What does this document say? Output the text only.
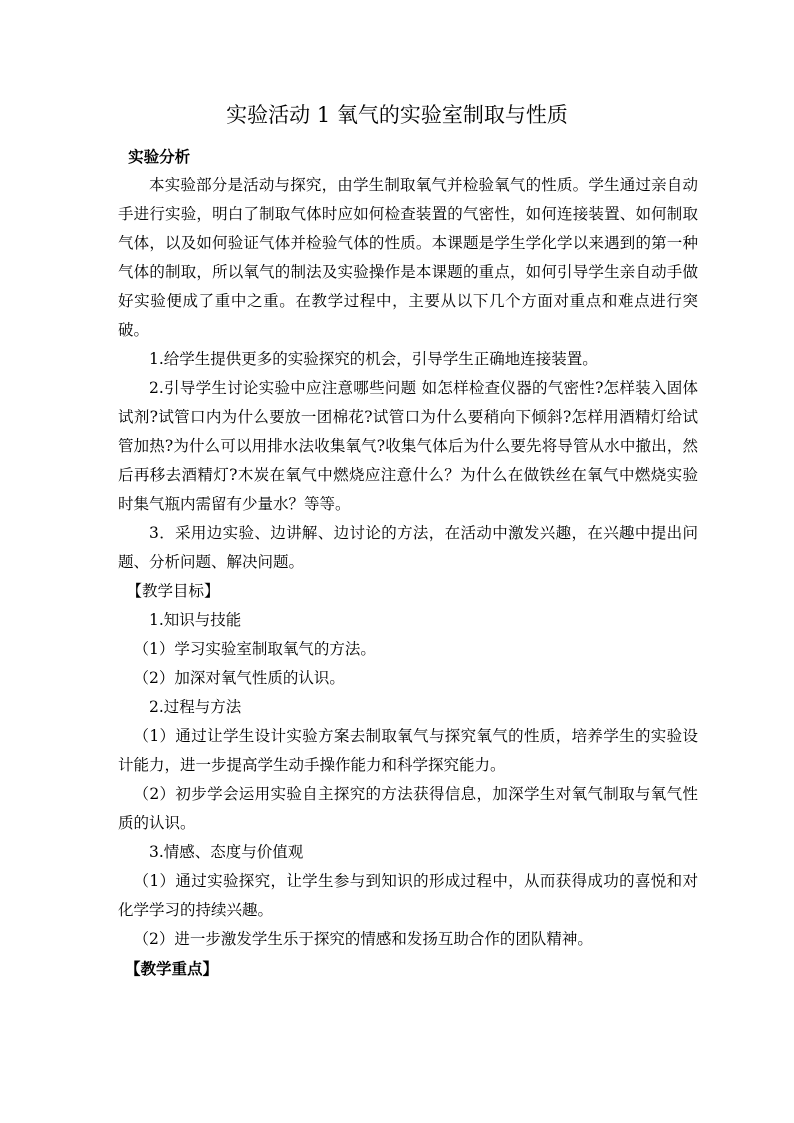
实验活动 1 氧气的实验室制取与性质

实验分析

本实验部分是活动与探究，由学生制取氧气并检验氧气的性质。学生通过亲自动手进行实验，明白了制取气体时应如何检查装置的气密性，如何连接装置、如何制取气体，以及如何验证气体并检验气体的性质。本课题是学生学化学以来遇到的第一种气体的制取，所以氧气的制法及实验操作是本课题的重点，如何引导学生亲自动手做好实验便成了重中之重。在教学过程中，主要从以下几个方面对重点和难点进行突破。

1.给学生提供更多的实验探究的机会，引导学生正确地连接装置。

2.引导学生讨论实验中应注意哪些问题 如怎样检查仪器的气密性?怎样装入固体试剂?试管口内为什么要放一团棉花?试管口为什么要稍向下倾斜?怎样用酒精灯给试管加热?为什么可以用排水法收集氧气?收集气体后为什么要先将导管从水中撤出，然后再移去酒精灯?木炭在氧气中燃烧应注意什么？为什么在做铁丝在氧气中燃烧实验时集气瓶内需留有少量水？等等。

3．采用边实验、边讲解、边讨论的方法，在活动中激发兴趣，在兴趣中提出问题、分析问题、解决问题。

【教学目标】

1.知识与技能

（1）学习实验室制取氧气的方法。

（2）加深对氧气性质的认识。

2.过程与方法

（1）通过让学生设计实验方案去制取氧气与探究氧气的性质，培养学生的实验设计能力，进一步提高学生动手操作能力和科学探究能力。

（2）初步学会运用实验自主探究的方法获得信息，加深学生对氧气制取与氧气性质的认识。

3.情感、态度与价值观

（1）通过实验探究，让学生参与到知识的形成过程中，从而获得成功的喜悦和对化学学习的持续兴趣。

（2）进一步激发学生乐于探究的情感和发扬互助合作的团队精神。

【教学重点】
